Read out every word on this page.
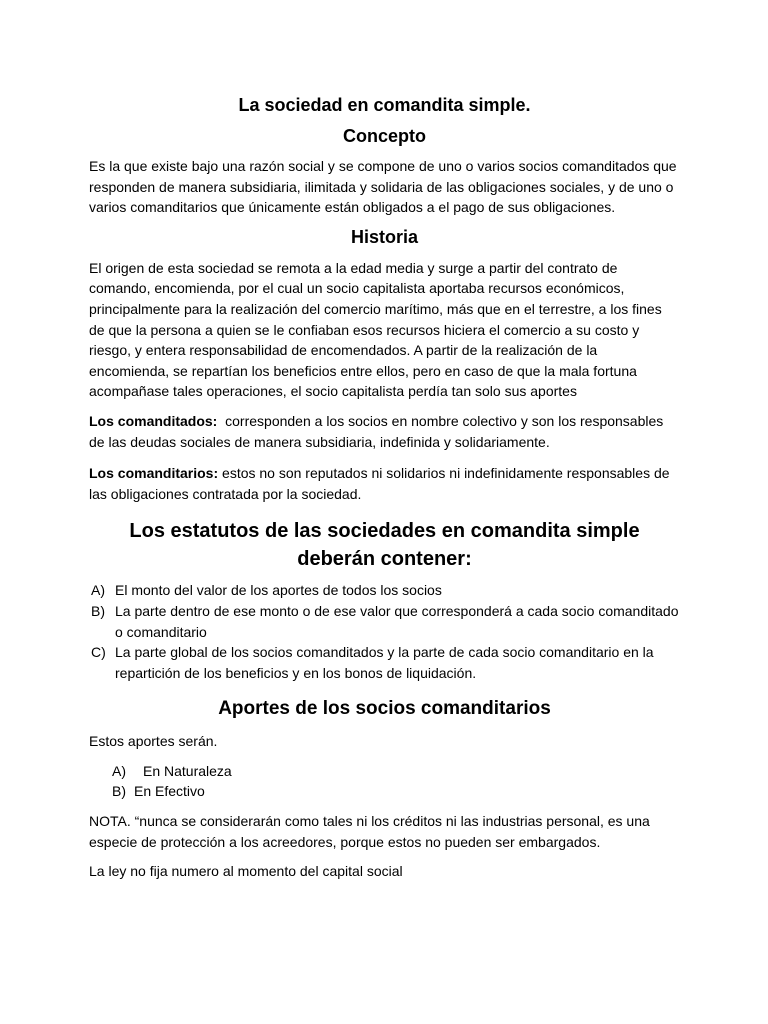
La sociedad en comandita simple.
Concepto

Es la que existe bajo una razón social y se compone de uno o varios socios comanditados que responden de manera subsidiaria, ilimitada y solidaria de las obligaciones sociales, y de uno o varios comanditarios que únicamente están obligados a el pago de sus obligaciones.

Historia

El origen de esta sociedad se remota a la edad media y surge a partir del contrato de comando, encomienda, por el cual un socio capitalista aportaba recursos económicos, principalmente para la realización del comercio marítimo, más que en el terrestre, a los fines de que la persona a quien se le confiaban esos recursos hiciera el comercio a su costo y riesgo, y entera responsabilidad de encomendados. A partir de la realización de la encomienda, se repartían los beneficios entre ellos, pero en caso de que la mala fortuna acompañase tales operaciones, el socio capitalista perdía tan solo sus aportes

Los comanditados:  corresponden a los socios en nombre colectivo y son los responsables de las deudas sociales de manera subsidiaria, indefinida y solidariamente.

Los comanditarios: estos no son reputados ni solidarios ni indefinidamente responsables de las obligaciones contratada por la sociedad.

Los estatutos de las sociedades en comandita simple
deberán contener:
A) El monto del valor de los aportes de todos los socios
B) La parte dentro de ese monto o de ese valor que corresponderá a cada socio comanditado o comanditario
C) La parte global de los socios comanditados y la parte de cada socio comanditario en la repartición de los beneficios y en los bonos de liquidación.
Aportes de los socios comanditarios

Estos aportes serán.

A)	En Naturaleza
B) En Efectivo

NOTA. “nunca se considerarán como tales ni los créditos ni las industrias personal, es una especie de protección a los acreedores, porque estos no pueden ser embargados.

La ley no fija numero al momento del capital social
